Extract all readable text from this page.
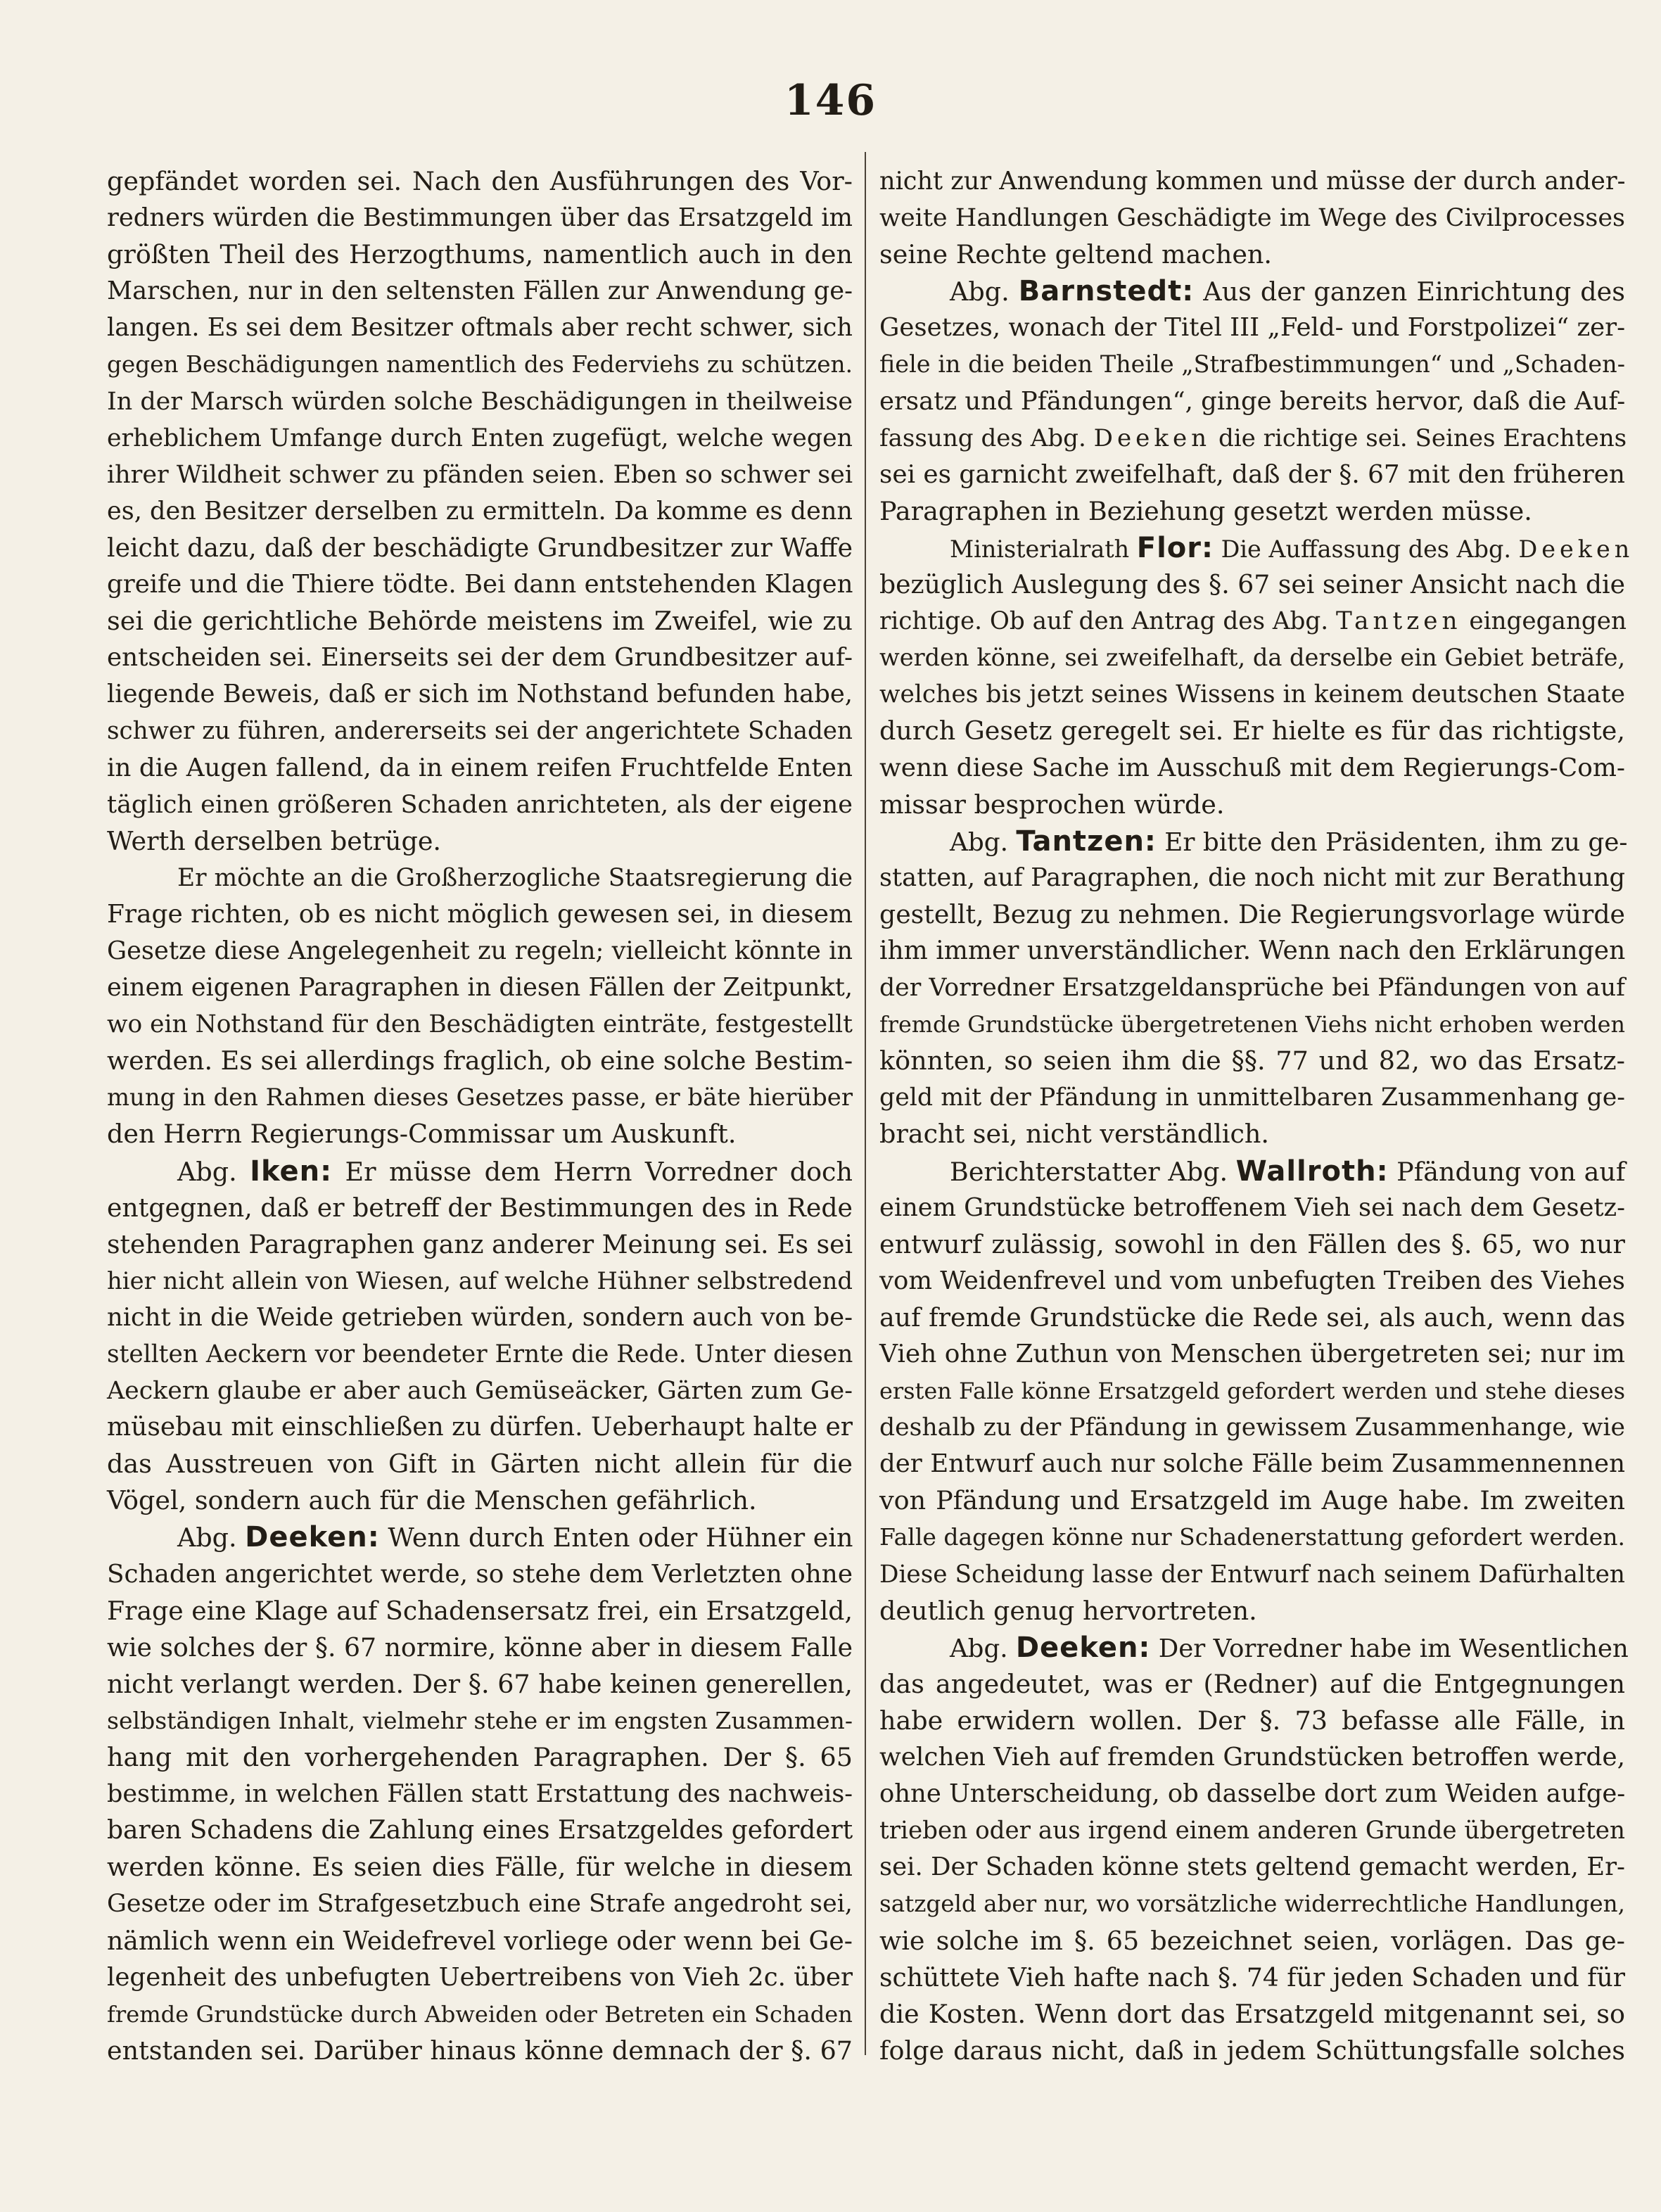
146
gepfändet worden sei. Nach den Ausführungen des Vor-
redners würden die Bestimmungen über das Ersatzgeld im
größten Theil des Herzogthums, namentlich auch in den
Marschen, nur in den seltensten Fällen zur Anwendung ge-
langen. Es sei dem Besitzer oftmals aber recht schwer, sich
gegen Beschädigungen namentlich des Federviehs zu schützen.
In der Marsch würden solche Beschädigungen in theilweise
erheblichem Umfange durch Enten zugefügt, welche wegen
ihrer Wildheit schwer zu pfänden seien. Eben so schwer sei
es, den Besitzer derselben zu ermitteln. Da komme es denn
leicht dazu, daß der beschädigte Grundbesitzer zur Waffe
greife und die Thiere tödte. Bei dann entstehenden Klagen
sei die gerichtliche Behörde meistens im Zweifel, wie zu
entscheiden sei. Einerseits sei der dem Grundbesitzer auf-
liegende Beweis, daß er sich im Nothstand befunden habe,
schwer zu führen, andererseits sei der angerichtete Schaden
in die Augen fallend, da in einem reifen Fruchtfelde Enten
täglich einen größeren Schaden anrichteten, als der eigene
Werth derselben betrüge.
Er möchte an die Großherzogliche Staatsregierung die
Frage richten, ob es nicht möglich gewesen sei, in diesem
Gesetze diese Angelegenheit zu regeln; vielleicht könnte in
einem eigenen Paragraphen in diesen Fällen der Zeitpunkt,
wo ein Nothstand für den Beschädigten einträte, festgestellt
werden. Es sei allerdings fraglich, ob eine solche Bestim-
mung in den Rahmen dieses Gesetzes passe, er bäte hierüber
den Herrn Regierungs-Commissar um Auskunft.
Abg. Iken: Er müsse dem Herrn Vorredner doch
entgegnen, daß er betreff der Bestimmungen des in Rede
stehenden Paragraphen ganz anderer Meinung sei. Es sei
hier nicht allein von Wiesen, auf welche Hühner selbstredend
nicht in die Weide getrieben würden, sondern auch von be-
stellten Aeckern vor beendeter Ernte die Rede. Unter diesen
Aeckern glaube er aber auch Gemüseäcker, Gärten zum Ge-
müsebau mit einschließen zu dürfen. Ueberhaupt halte er
das Ausstreuen von Gift in Gärten nicht allein für die
Vögel, sondern auch für die Menschen gefährlich.
Abg. Deeken: Wenn durch Enten oder Hühner ein
Schaden angerichtet werde, so stehe dem Verletzten ohne
Frage eine Klage auf Schadensersatz frei, ein Ersatzgeld,
wie solches der §. 67 normire, könne aber in diesem Falle
nicht verlangt werden. Der §. 67 habe keinen generellen,
selbständigen Inhalt, vielmehr stehe er im engsten Zusammen-
hang mit den vorhergehenden Paragraphen. Der §. 65
bestimme, in welchen Fällen statt Erstattung des nachweis-
baren Schadens die Zahlung eines Ersatzgeldes gefordert
werden könne. Es seien dies Fälle, für welche in diesem
Gesetze oder im Strafgesetzbuch eine Strafe angedroht sei,
nämlich wenn ein Weidefrevel vorliege oder wenn bei Ge-
legenheit des unbefugten Uebertreibens von Vieh 2c. über
fremde Grundstücke durch Abweiden oder Betreten ein Schaden
entstanden sei. Darüber hinaus könne demnach der §. 67
nicht zur Anwendung kommen und müsse der durch ander-
weite Handlungen Geschädigte im Wege des Civilprocesses
seine Rechte geltend machen.
Abg. Barnstedt: Aus der ganzen Einrichtung des
Gesetzes, wonach der Titel III „Feld- und Forstpolizei“ zer-
fiele in die beiden Theile „Strafbestimmungen“ und „Schaden-
ersatz und Pfändungen“, ginge bereits hervor, daß die Auf-
fassung des Abg. Deeken die richtige sei. Seines Erachtens
sei es garnicht zweifelhaft, daß der §. 67 mit den früheren
Paragraphen in Beziehung gesetzt werden müsse.
Ministerialrath Flor: Die Auffassung des Abg. Deeken
bezüglich Auslegung des §. 67 sei seiner Ansicht nach die
richtige. Ob auf den Antrag des Abg. Tantzen eingegangen
werden könne, sei zweifelhaft, da derselbe ein Gebiet beträfe,
welches bis jetzt seines Wissens in keinem deutschen Staate
durch Gesetz geregelt sei. Er hielte es für das richtigste,
wenn diese Sache im Ausschuß mit dem Regierungs-Com-
missar besprochen würde.
Abg. Tantzen: Er bitte den Präsidenten, ihm zu ge-
statten, auf Paragraphen, die noch nicht mit zur Berathung
gestellt, Bezug zu nehmen. Die Regierungsvorlage würde
ihm immer unverständlicher. Wenn nach den Erklärungen
der Vorredner Ersatzgeldansprüche bei Pfändungen von auf
fremde Grundstücke übergetretenen Viehs nicht erhoben werden
könnten, so seien ihm die §§. 77 und 82, wo das Ersatz-
geld mit der Pfändung in unmittelbaren Zusammenhang ge-
bracht sei, nicht verständlich.
Berichterstatter Abg. Wallroth: Pfändung von auf
einem Grundstücke betroffenem Vieh sei nach dem Gesetz-
entwurf zulässig, sowohl in den Fällen des §. 65, wo nur
vom Weidenfrevel und vom unbefugten Treiben des Viehes
auf fremde Grundstücke die Rede sei, als auch, wenn das
Vieh ohne Zuthun von Menschen übergetreten sei; nur im
ersten Falle könne Ersatzgeld gefordert werden und stehe dieses
deshalb zu der Pfändung in gewissem Zusammenhange, wie
der Entwurf auch nur solche Fälle beim Zusammennennen
von Pfändung und Ersatzgeld im Auge habe. Im zweiten
Falle dagegen könne nur Schadenerstattung gefordert werden.
Diese Scheidung lasse der Entwurf nach seinem Dafürhalten
deutlich genug hervortreten.
Abg. Deeken: Der Vorredner habe im Wesentlichen
das angedeutet, was er (Redner) auf die Entgegnungen
habe erwidern wollen. Der §. 73 befasse alle Fälle, in
welchen Vieh auf fremden Grundstücken betroffen werde,
ohne Unterscheidung, ob dasselbe dort zum Weiden aufge-
trieben oder aus irgend einem anderen Grunde übergetreten
sei. Der Schaden könne stets geltend gemacht werden, Er-
satzgeld aber nur, wo vorsätzliche widerrechtliche Handlungen,
wie solche im §. 65 bezeichnet seien, vorlägen. Das ge-
schüttete Vieh hafte nach §. 74 für jeden Schaden und für
die Kosten. Wenn dort das Ersatzgeld mitgenannt sei, so
folge daraus nicht, daß in jedem Schüttungsfalle solches
